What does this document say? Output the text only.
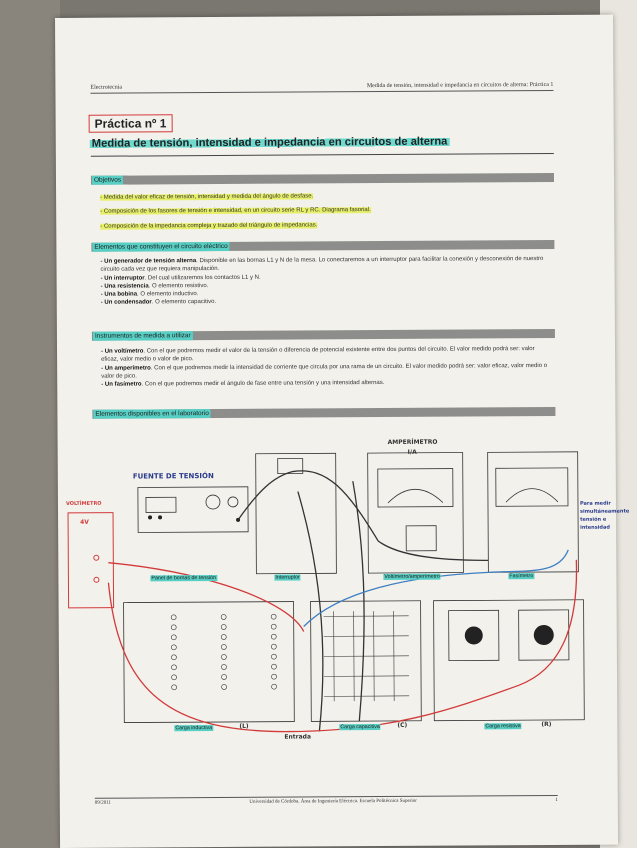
Electrotecnia	Medida de tensión, intensidad e impedancia en circuitos de alterna: Práctica 1
Práctica nº 1
Medida de tensión, intensidad e impedancia en circuitos de alterna
Objetivos
- Medida del valor eficaz de tensión, intensidad y medida del ángulo de desfase.
- Composición de los fasores de tensión e intensidad, en un circuito serie RL y RC. Diagrama fasorial.
- Composición de la impedancia compleja y trazado del triángulo de impedancias.
Elementos que constituyen el circuito eléctrico
- Un generador de tensión alterna. Disponible en las bornas L1 y N de la mesa. Lo conectaremos a un interruptor para facilitar la conexión y desconexión de nuestro circuito cada vez que requiera manipulación.
- Un interruptor. Del cual utilizaremos los contactos L1 y N.
- Una resistencia. O elemento resistivo.
- Una bobina. O elemento inductivo.
- Un condensador. O elemento capacitivo.
Instrumentos de medida a utilizar
- Un voltímetro. Con el que podremos medir el valor de la tensión o diferencia de potencial existente entre dos puntos del circuito. El valor medido podrá ser: valor eficaz, valor medio o valor de pico.
- Un amperímetro. Con el que podremos medir la intensidad de corriente que circula por una rama de un circuito. El valor medido podrá ser: valor eficaz, valor medio o valor de pico.
- Un fasímetro. Con el que podremos medir el ángulo de fase entre una tensión y una intensidad alternas.
Elementos disponibles en el laboratorio
Panel de bornas de tensión	Interruptor	Voltímetro/amperímetro	Fasímetro
Carga inductiva	Carga capacitiva	Carga resistiva
FUENTE DE TENSIÓN
AMPERÍMETRO
I/A
VOLTÍMETRO
4V
Para medir
simultáneamente
tensión e
intensidad
(L)	(C)	(R)
Entrada
09/2011	Universidad de Córdoba. Área de Ingeniería Eléctrica. Escuela Politécnica Superior	1
